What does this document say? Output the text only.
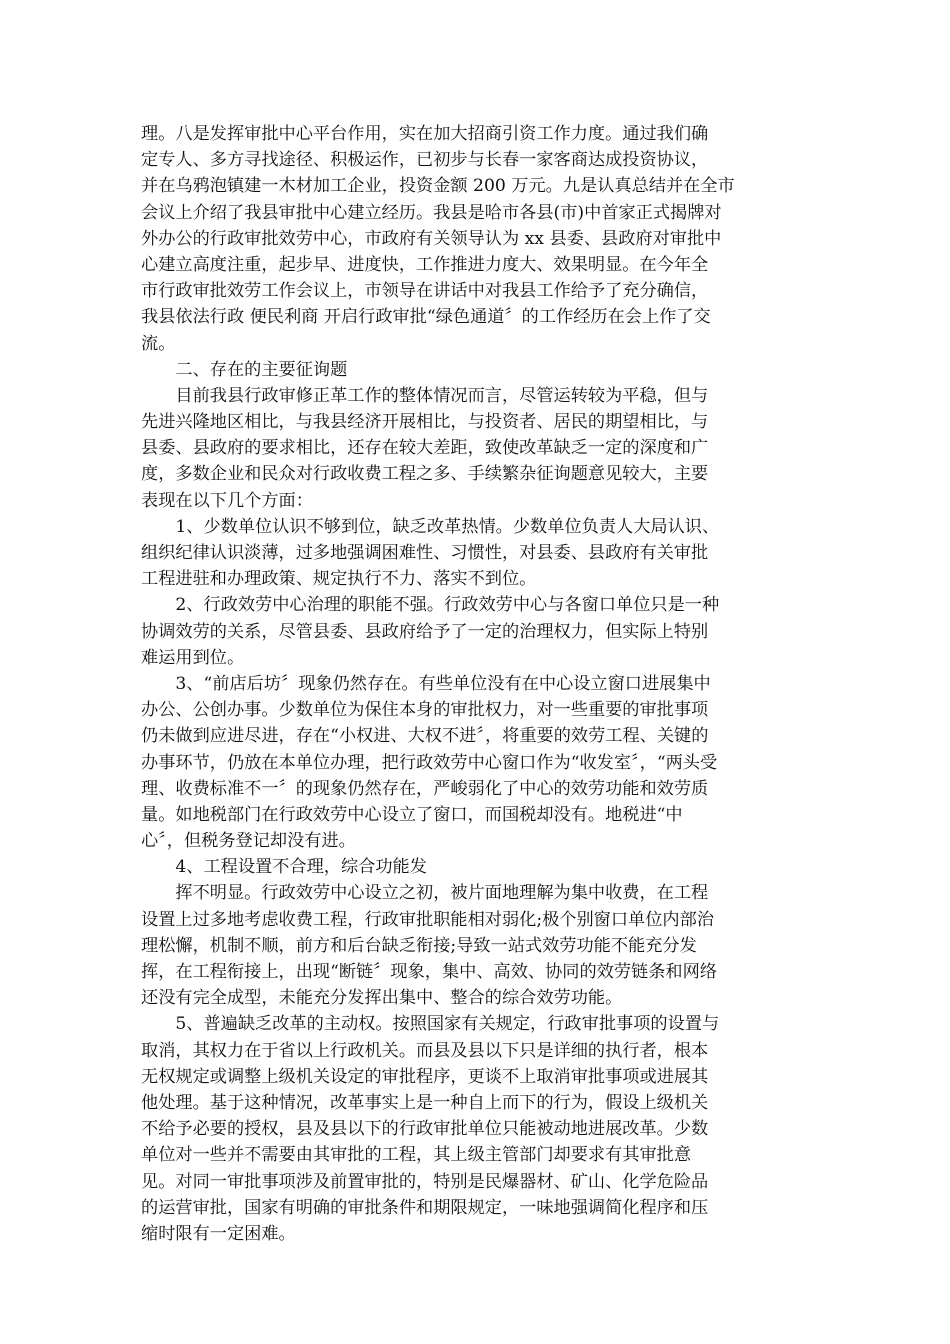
理。八是发挥审批中心平台作用，实在加大招商引资工作力度。通过我们确
定专人、多方寻找途径、积极运作，已初步与长春一家客商达成投资协议，
并在乌鸦泡镇建一木材加工企业，投资金额 200 万元。九是认真总结并在全市
会议上介绍了我县审批中心建立经历。我县是哈市各县(市)中首家正式揭牌对
外办公的行政审批效劳中心，市政府有关领导认为 xx 县委、县政府对审批中
心建立高度注重，起步早、进度快，工作推进力度大、效果明显。在今年全
市行政审批效劳工作会议上，市领导在讲话中对我县工作给予了充分确信，
我县依法行政 便民利商 开启行政审批“绿色通道〞的工作经历在会上作了交
流。
　　二、存在的主要征询题
　　目前我县行政审修正革工作的整体情况而言，尽管运转较为平稳，但与
先进兴隆地区相比，与我县经济开展相比，与投资者、居民的期望相比，与
县委、县政府的要求相比，还存在较大差距，致使改革缺乏一定的深度和广
度，多数企业和民众对行政收费工程之多、手续繁杂征询题意见较大，主要
表现在以下几个方面：
　　1、少数单位认识不够到位，缺乏改革热情。少数单位负责人大局认识、
组织纪律认识淡薄，过多地强调困难性、习惯性，对县委、县政府有关审批
工程进驻和办理政策、规定执行不力、落实不到位。
　　2、行政效劳中心治理的职能不强。行政效劳中心与各窗口单位只是一种
协调效劳的关系，尽管县委、县政府给予了一定的治理权力，但实际上特别
难运用到位。
　　3、“前店后坊〞现象仍然存在。有些单位没有在中心设立窗口进展集中
办公、公创办事。少数单位为保住本身的审批权力，对一些重要的审批事项
仍未做到应进尽进，存在“小权进、大权不进〞，将重要的效劳工程、关键的
办事环节，仍放在本单位办理，把行政效劳中心窗口作为“收发室〞，“两头受
理、收费标准不一〞的现象仍然存在，严峻弱化了中心的效劳功能和效劳质
量。如地税部门在行政效劳中心设立了窗口，而国税却没有。地税进“中
心〞，但税务登记却没有进。
　　4、工程设置不合理，综合功能发
　　挥不明显。行政效劳中心设立之初，被片面地理解为集中收费，在工程
设置上过多地考虑收费工程，行政审批职能相对弱化;极个别窗口单位内部治
理松懈，机制不顺，前方和后台缺乏衔接;导致一站式效劳功能不能充分发
挥，在工程衔接上，出现“断链〞现象，集中、高效、协同的效劳链条和网络
还没有完全成型，未能充分发挥出集中、整合的综合效劳功能。
　　5、普遍缺乏改革的主动权。按照国家有关规定，行政审批事项的设置与
取消，其权力在于省以上行政机关。而县及县以下只是详细的执行者，根本
无权规定或调整上级机关设定的审批程序，更谈不上取消审批事项或进展其
他处理。基于这种情况，改革事实上是一种自上而下的行为，假设上级机关
不给予必要的授权，县及县以下的行政审批单位只能被动地进展改革。少数
单位对一些并不需要由其审批的工程，其上级主管部门却要求有其审批意
见。对同一审批事项涉及前置审批的，特别是民爆器材、矿山、化学危险品
的运营审批，国家有明确的审批条件和期限规定，一味地强调简化程序和压
缩时限有一定困难。
